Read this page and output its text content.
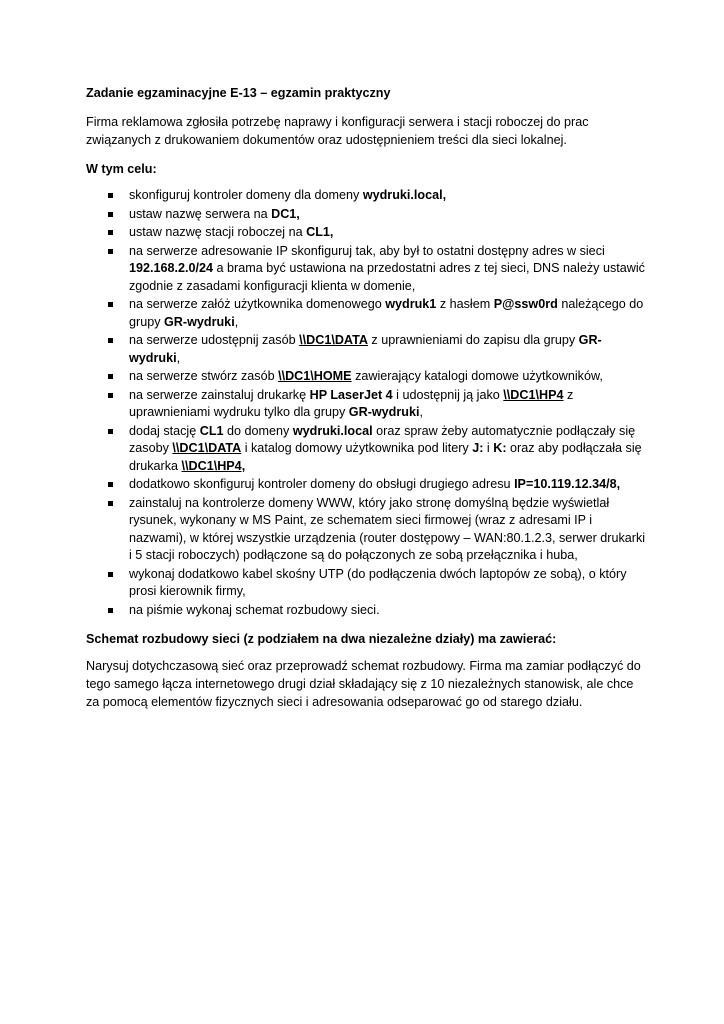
Zadanie egzaminacyjne E-13 – egzamin praktyczny

Firma reklamowa zgłosiła potrzebę naprawy i konfiguracji serwera i stacji roboczej do prac związanych z drukowaniem dokumentów oraz udostępnieniem treści dla sieci lokalnej.

W tym celu:

skonfiguruj kontroler domeny dla domeny wydruki.local,
ustaw nazwę serwera na DC1,
ustaw nazwę stacji roboczej na CL1,
na serwerze adresowanie IP skonfiguruj tak, aby był to ostatni dostępny adres w sieci 192.168.2.0/24 a brama być ustawiona na przedostatni adres z tej sieci, DNS należy ustawić zgodnie z zasadami konfiguracji klienta w domenie,
na serwerze załóż użytkownika domenowego wydruk1 z hasłem P@ssw0rd należącego do grupy GR-wydruki,
na serwerze udostępnij zasób \\DC1\DATA z uprawnieniami do zapisu dla grupy GR-wydruki,
na serwerze stwórz zasób \\DC1\HOME zawierający katalogi domowe użytkowników,
na serwerze zainstaluj drukarkę HP LaserJet 4 i udostępnij ją jako \\DC1\HP4 z uprawnieniami wydruku tylko dla grupy GR-wydruki,
dodaj stację CL1 do domeny wydruki.local oraz spraw żeby automatycznie podłączały się zasoby \\DC1\DATA i katalog domowy użytkownika pod litery J: i K: oraz aby podłączała się drukarka \\DC1\HP4,
dodatkowo skonfiguruj kontroler domeny do obsługi drugiego adresu IP=10.119.12.34/8,
zainstaluj na kontrolerze domeny WWW, który jako stronę domyślną będzie wyświetlał rysunek, wykonany w MS Paint, ze schematem sieci firmowej (wraz z adresami IP i nazwami), w której wszystkie urządzenia (router dostępowy – WAN:80.1.2.3, serwer drukarki i 5 stacji roboczych) podłączone są do połączonych ze sobą przełącznika i huba,
wykonaj dodatkowo kabel skośny UTP (do podłączenia dwóch laptopów ze sobą), o który prosi kierownik firmy,
na piśmie wykonaj schemat rozbudowy sieci.

Schemat rozbudowy sieci (z podziałem na dwa niezależne działy) ma zawierać:

Narysuj dotychczasową sieć oraz przeprowadź schemat rozbudowy. Firma ma zamiar podłączyć do tego samego łącza internetowego drugi dział składający się z 10 niezależnych stanowisk, ale chce za pomocą elementów fizycznych sieci i adresowania odseparować go od starego działu.
